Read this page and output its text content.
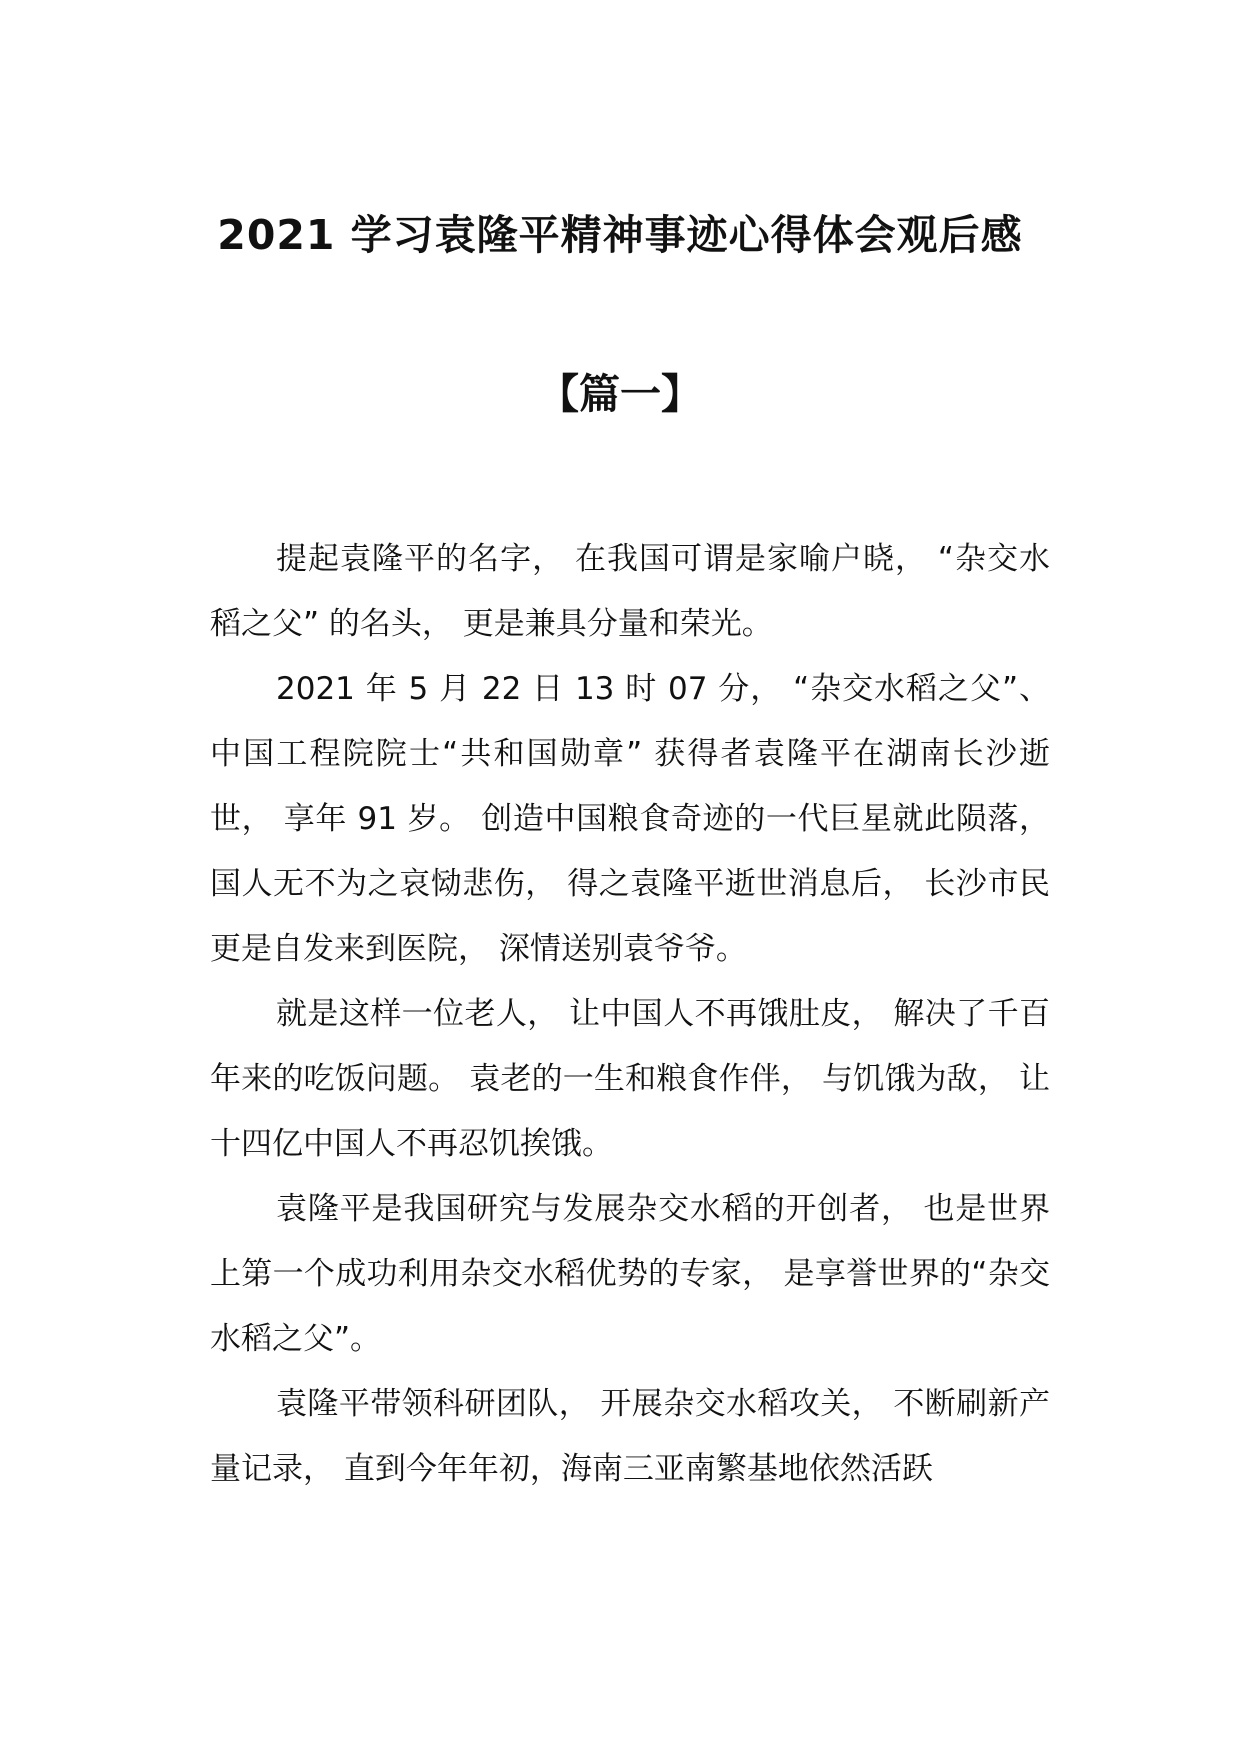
2021 学习袁隆平精神事迹心得体会观后感
【篇一】

提起袁隆平的名字， 在我国可谓是家喻户晓， “杂交水稻之父” 的名头， 更是兼具分量和荣光。

2021 年 5 月 22 日 13 时 07 分， “杂交水稻之父”、 中国工程院院士“共和国勋章” 获得者袁隆平在湖南长沙逝世， 享年 91 岁。 创造中国粮食奇迹的一代巨星就此陨落， 国人无不为之哀恸悲伤， 得之袁隆平逝世消息后， 长沙市民更是自发来到医院， 深情送别袁爷爷。

就是这样一位老人， 让中国人不再饿肚皮， 解决了千百年来的吃饭问题。 袁老的一生和粮食作伴， 与饥饿为敌， 让十四亿中国人不再忍饥挨饿。

袁隆平是我国研究与发展杂交水稻的开创者， 也是世界上第一个成功利用杂交水稻优势的专家， 是享誉世界的“杂交水稻之父”。

袁隆平带领科研团队， 开展杂交水稻攻关， 不断刷新产量记录， 直到今年年初，海南三亚南繁基地依然活跃
